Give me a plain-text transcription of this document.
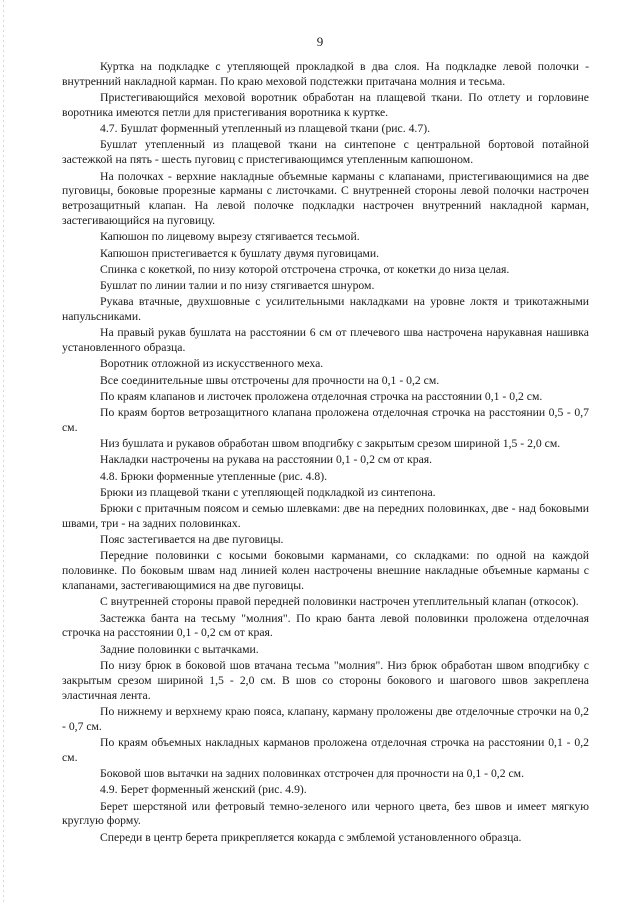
9

Куртка на подкладке с утепляющей прокладкой в два слоя. На подкладке левой полочки - внутренний накладной карман. По краю меховой подстежки притачана молния и тесьма.

Пристегивающийся меховой воротник обработан на плащевой ткани. По отлету и горловине воротника имеются петли для пристегивания воротника к куртке.

4.7. Бушлат форменный утепленный из плащевой ткани (рис. 4.7).

Бушлат утепленный из плащевой ткани на синтепоне с центральной бортовой потайной застежкой на пять - шесть пуговиц с пристегивающимся утепленным капюшоном.

На полочках - верхние накладные объемные карманы с клапанами, пристегивающимися на две пуговицы, боковые прорезные карманы с листочками. С внутренней стороны левой полочки настрочен ветрозащитный клапан. На левой полочке подкладки настрочен внутренний накладной карман, застегивающийся на пуговицу.

Капюшон по лицевому вырезу стягивается тесьмой.

Капюшон пристегивается к бушлату двумя пуговицами.

Спинка с кокеткой, по низу которой отстрочена строчка, от кокетки до низа целая.

Бушлат по линии талии и по низу стягивается шнуром.

Рукава втачные, двухшовные с усилительными накладками на уровне локтя и трикотажными напульсниками.

На правый рукав бушлата на расстоянии 6 см от плечевого шва настрочена нарукавная нашивка установленного образца.

Воротник отложной из искусственного меха.

Все соединительные швы отстрочены для прочности на 0,1 - 0,2 см.

По краям клапанов и листочек проложена отделочная строчка на расстоянии 0,1 - 0,2 см.

По краям бортов ветрозащитного клапана проложена отделочная строчка на расстоянии 0,5 - 0,7 см.

Низ бушлата и рукавов обработан швом вподгибку с закрытым срезом шириной 1,5 - 2,0 см.

Накладки настрочены на рукава на расстоянии 0,1 - 0,2 см от края.

4.8. Брюки форменные утепленные (рис. 4.8).

Брюки из плащевой ткани с утепляющей подкладкой из синтепона.

Брюки с притачным поясом и семью шлевками: две на передних половинках, две - над боковыми швами, три - на задних половинках.

Пояс застегивается на две пуговицы.

Передние половинки с косыми боковыми карманами, со складками: по одной на каждой половинке. По боковым швам над линией колен настрочены внешние накладные объемные карманы с клапанами, застегивающимися на две пуговицы.

С внутренней стороны правой передней половинки настрочен утеплительный клапан (откосок).

Застежка банта на тесьму "молния". По краю банта левой половинки проложена отделочная строчка на расстоянии 0,1 - 0,2 см от края.

Задние половинки с вытачками.

По низу брюк в боковой шов втачана тесьма "молния". Низ брюк обработан швом вподгибку с закрытым срезом шириной 1,5 - 2,0 см. В шов со стороны бокового и шагового швов закреплена эластичная лента.

По нижнему и верхнему краю пояса, клапану, карману проложены две отделочные строчки на 0,2 - 0,7 см.

По краям объемных накладных карманов проложена отделочная строчка на расстоянии 0,1 - 0,2 см.

Боковой шов вытачки на задних половинках отстрочен для прочности на 0,1 - 0,2 см.

4.9. Берет форменный женский (рис. 4.9).

Берет шерстяной или фетровый темно-зеленого или черного цвета, без швов и имеет мягкую круглую форму.

Спереди в центр берета прикрепляется кокарда с эмблемой установленного образца.
